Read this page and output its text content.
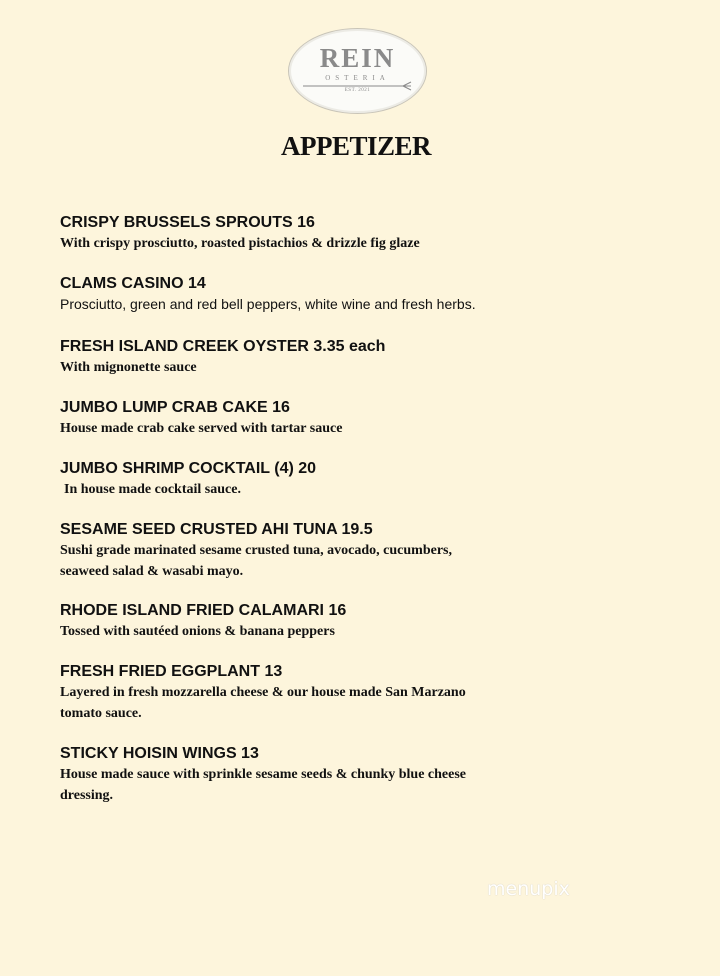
REIN
OSTERIA
EST. 2021
APPETIZER
CRISPY BRUSSELS SPROUTS 16
With crispy prosciutto, roasted pistachios & drizzle fig glaze
CLAMS CASINO 14
Prosciutto, green and red bell peppers, white wine and fresh herbs.
FRESH ISLAND CREEK OYSTER 3.35 each
With mignonette sauce
JUMBO LUMP CRAB CAKE 16
House made crab cake served with tartar sauce
JUMBO SHRIMP COCKTAIL (4) 20
In house made cocktail sauce.
SESAME SEED CRUSTED AHI TUNA 19.5
Sushi grade marinated sesame crusted tuna, avocado, cucumbers,
seaweed salad & wasabi mayo.
RHODE ISLAND FRIED CALAMARI 16
Tossed with sautéed onions & banana peppers
FRESH FRIED EGGPLANT 13
Layered in fresh mozzarella cheese & our house made San Marzano
tomato sauce.
STICKY HOISIN WINGS 13
House made sauce with sprinkle sesame seeds & chunky blue cheese
dressing.
menupix
